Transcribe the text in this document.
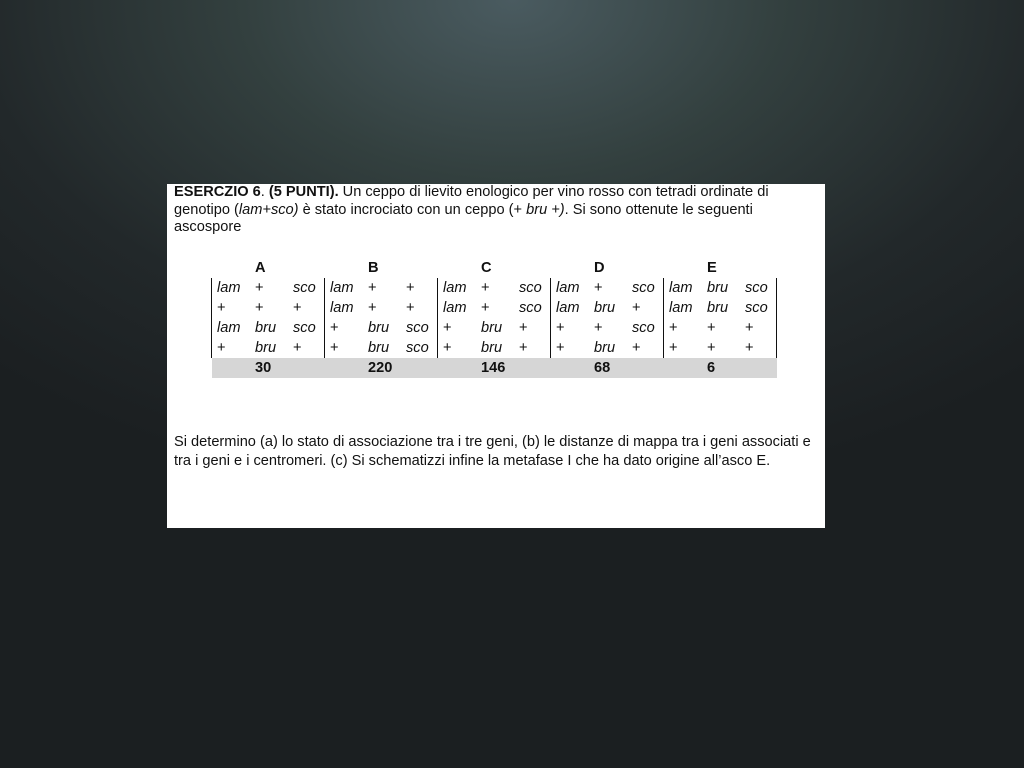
ESERCZIO 6. (5 PUNTI). Un ceppo di lievito enologico per vino rosso con tetradi ordinate di genotipo (lam+sco) è stato incrociato con un ceppo (+ bru +). Si sono ottenute le seguenti ascospore

	A			B			C			D			E	
lam	+	sco	lam	+	+	lam	+	sco	lam	+	sco	lam	bru	sco
+	+	+	lam	+	+	lam	+	sco	lam	bru	+	lam	bru	sco
lam	bru	sco	+	bru	sco	+	bru	+	+	+	sco	+	+	+
+	bru	+	+	bru	sco	+	bru	+	+	bru	+	+	+	+
	30			220			146			68			6	

Si determino (a) lo stato di associazione tra i tre geni, (b) le distanze di mappa tra i geni associati e tra i geni e i centromeri. (c) Si schematizzi infine la metafase I che ha dato origine all’asco E.
